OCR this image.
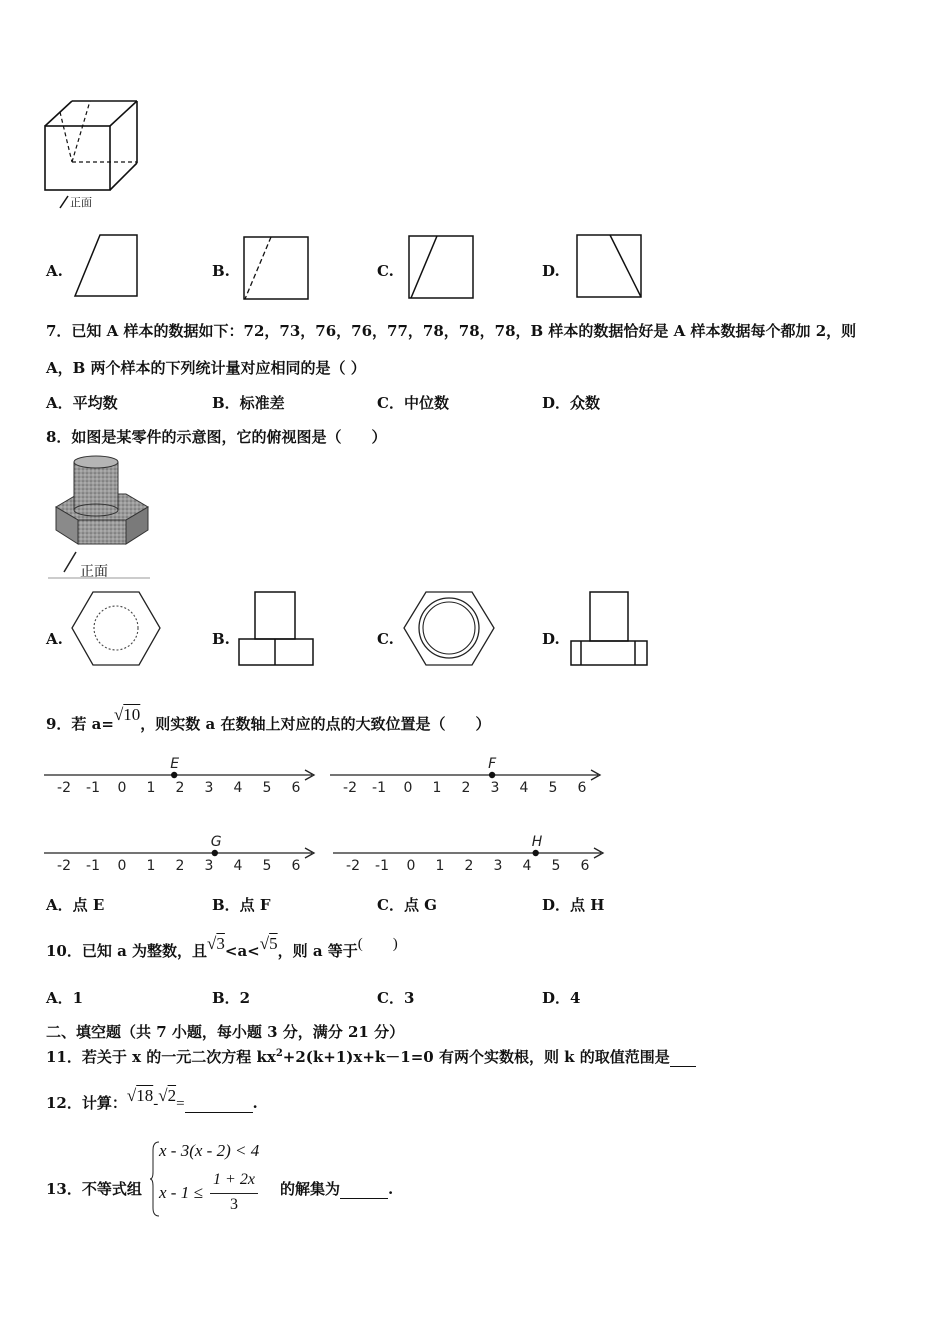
正面
A.	B.	C.	D.
7．已知 A 样本的数据如下：72，73，76，76，77，78，78，78，B 样本的数据恰好是 A 样本数据每个都加 2，则
A，B 两个样本的下列统计量对应相同的是（ ）
A．平均数	B．标准差	C．中位数	D．众数
8．如图是某零件的示意图，它的俯视图是（　　）
正面
A.	B.	C.	D.
9．若 a=√10，则实数 a 在数轴上对应的点的大致位置是（　　）
-2 -1 0 1 2 3 4 5 6
E
-2 -1 0 1 2 3 4 5 6
F
-2 -1 0 1 2 3 4 5 6
G
-2 -1 0 1 2 3 4 5 6
H
A．点 E	B．点 F	C．点 G	D．点 H
10．已知 a 为整数，且√3<a<√5，则 a 等于(　　)
A．1	B．2	C．3	D．4
二、填空题（共 7 小题，每小题 3 分，满分 21 分）
11．若关于 x 的一元二次方程 $kx^2+2(k+1)x+k-1=0$ 有两个实数根，则 k 的取值范围是
12．计算：√18-√2=	.
13．不等式组
x - 3(x - 2) < 4
x - 1 ≤
1 + 2x
3
的解集为	.
